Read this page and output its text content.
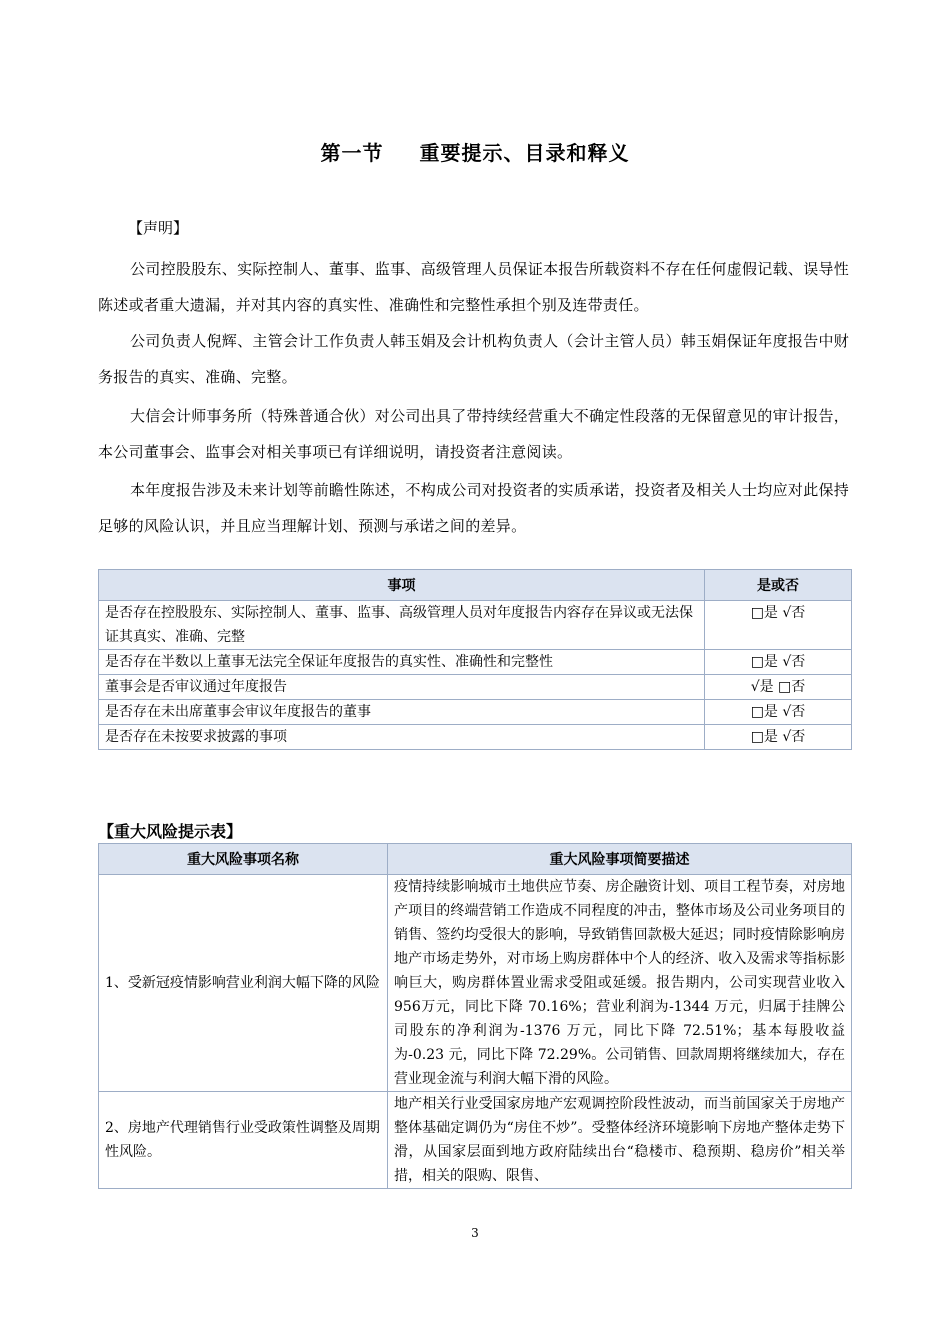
第一节 重要提示、目录和释义
【声明】
公司控股股东、实际控制人、董事、监事、高级管理人员保证本报告所载资料不存在任何虚假记载、误导性陈述或者重大遗漏，并对其内容的真实性、准确性和完整性承担个别及连带责任。
公司负责人倪辉、主管会计工作负责人韩玉娟及会计机构负责人（会计主管人员）韩玉娟保证年度报告中财务报告的真实、准确、完整。
大信会计师事务所（特殊普通合伙）对公司出具了带持续经营重大不确定性段落的无保留意见的审计报告，本公司董事会、监事会对相关事项已有详细说明，请投资者注意阅读。
本年度报告涉及未来计划等前瞻性陈述，不构成公司对投资者的实质承诺，投资者及相关人士均应对此保持足够的风险认识，并且应当理解计划、预测与承诺之间的差异。
事项	是或否
是否存在控股股东、实际控制人、董事、监事、高级管理人员对年度报告内容存在异议或无法保证其真实、准确、完整	□是 √否
是否存在半数以上董事无法完全保证年度报告的真实性、准确性和完整性	□是 √否
董事会是否审议通过年度报告	√是 □否
是否存在未出席董事会审议年度报告的董事	□是 √否
是否存在未按要求披露的事项	□是 √否
【重大风险提示表】
重大风险事项名称	重大风险事项简要描述
1、受新冠疫情影响营业利润大幅下降的风险	疫情持续影响城市土地供应节奏、房企融资计划、项目工程节奏，对房地产项目的终端营销工作造成不同程度的冲击，整体市场及公司业务项目的销售、签约均受很大的影响，导致销售回款极大延迟；同时疫情除影响房地产市场走势外，对市场上购房群体中个人的经济、收入及需求等指标影响巨大，购房群体置业需求受阻或延缓。报告期内，公司实现营业收入 956万元，同比下降 70.16%；营业利润为-1344 万元，归属于挂牌公司股东的净利润为-1376 万元，同比下降 72.51%；基本每股收益为-0.23 元，同比下降 72.29%。公司销售、回款周期将继续加大，存在营业现金流与利润大幅下滑的风险。
2、房地产代理销售行业受政策性调整及周期性风险。	地产相关行业受国家房地产宏观调控阶段性波动，而当前国家关于房地产整体基础定调仍为“房住不炒”。受整体经济环境影响下房地产整体走势下滑，从国家层面到地方政府陆续出台“稳楼市、稳预期、稳房价”相关举措，相关的限购、限售、
3
